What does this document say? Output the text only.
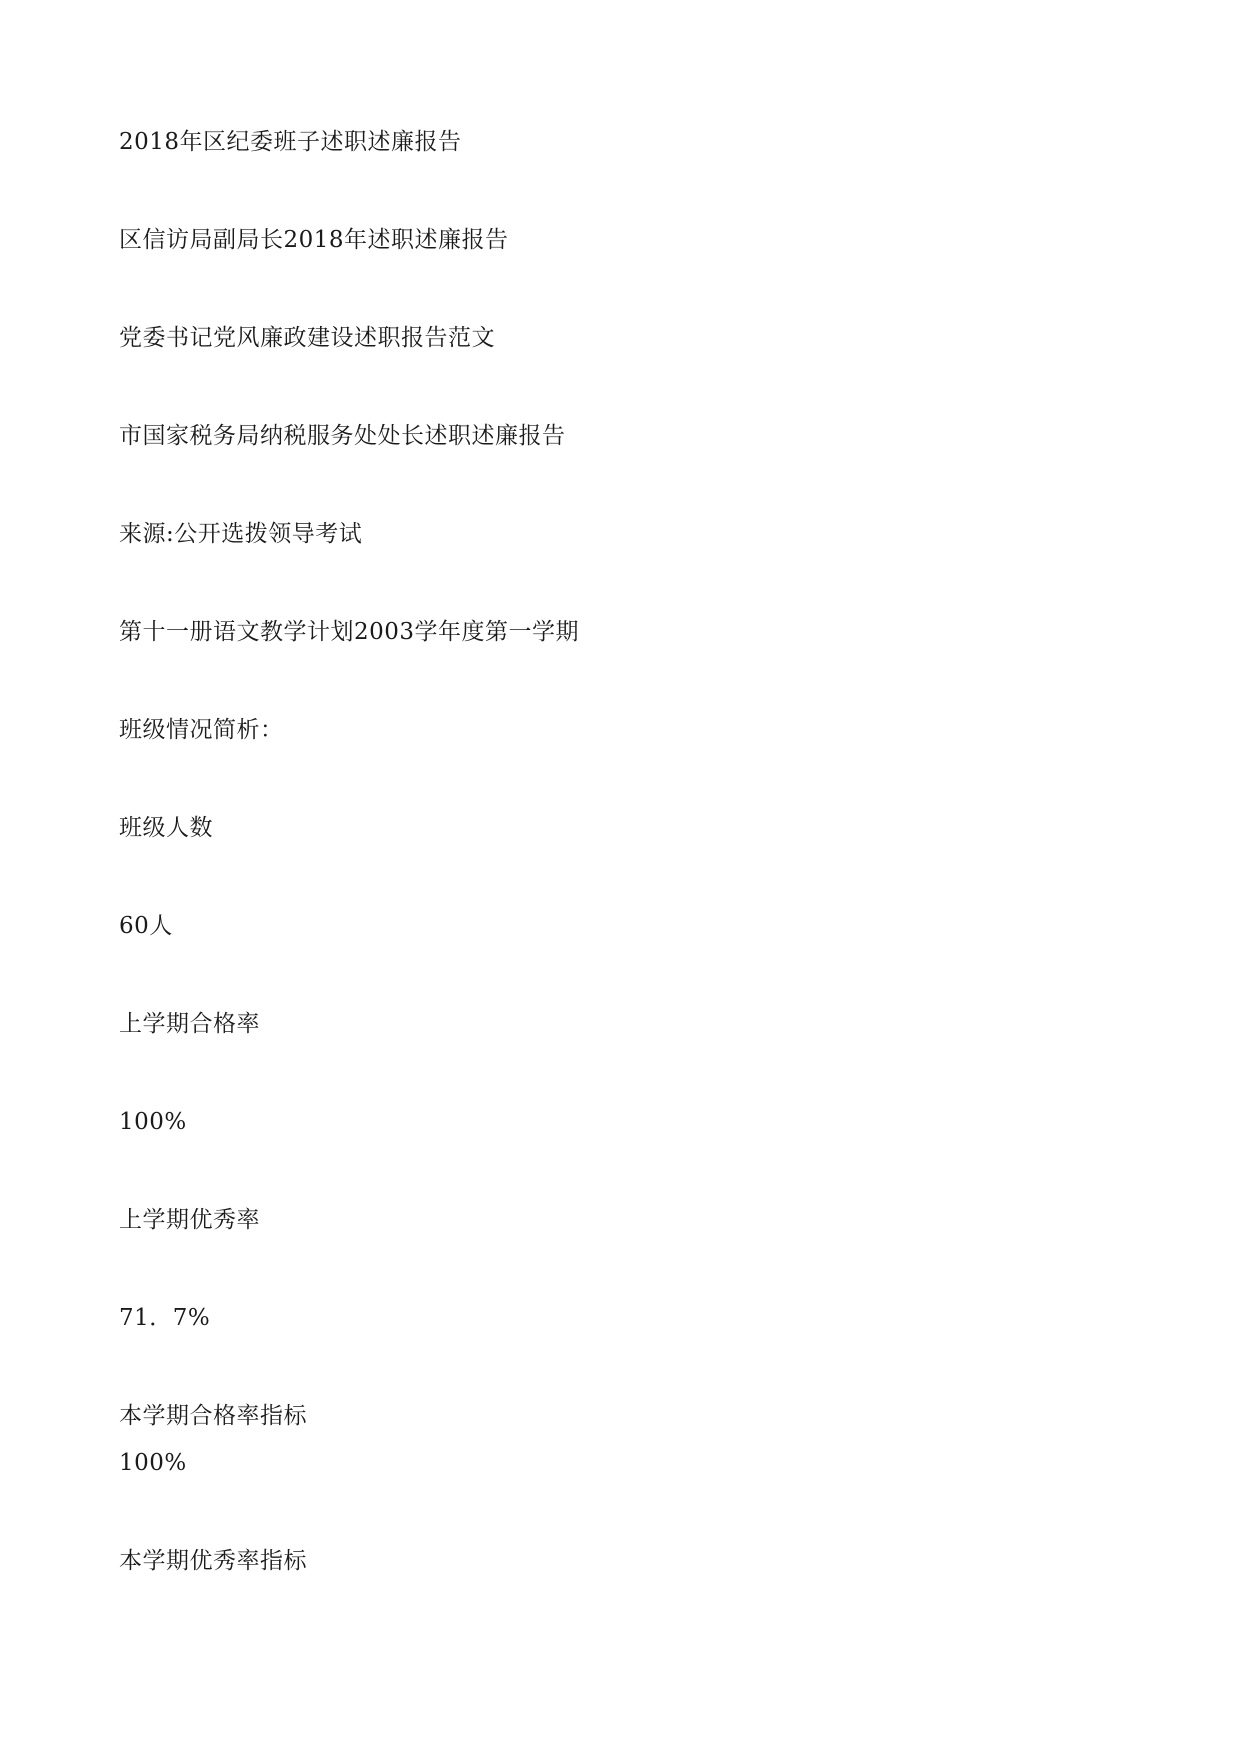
2018年区纪委班子述职述廉报告
区信访局副局长2018年述职述廉报告
党委书记党风廉政建设述职报告范文
市国家税务局纳税服务处处长述职述廉报告
来源:公开选拨领导考试
第十一册语文教学计划2003学年度第一学期
班级情况简析：
班级人数
60人
上学期合格率
100%
上学期优秀率
71．7%
本学期合格率指标
100%
本学期优秀率指标
